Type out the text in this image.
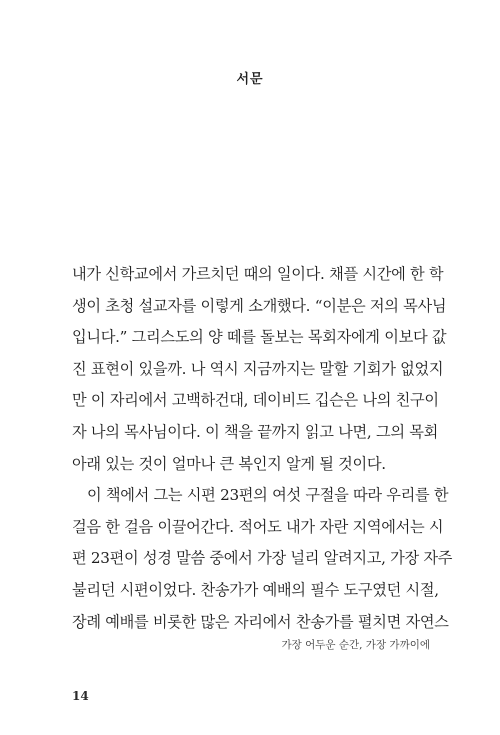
서문
내가 신학교에서 가르치던 때의 일이다. 채플 시간에 한 학
생이 초청 설교자를 이렇게 소개했다. “이분은 저의 목사님
입니다.” 그리스도의 양 떼를 돌보는 목회자에게 이보다 값
진 표현이 있을까. 나 역시 지금까지는 말할 기회가 없었지
만 이 자리에서 고백하건대, 데이비드 깁슨은 나의 친구이
자 나의 목사님이다. 이 책을 끝까지 읽고 나면, 그의 목회
아래 있는 것이 얼마나 큰 복인지 알게 될 것이다.
이 책에서 그는 시편 23편의 여섯 구절을 따라 우리를 한
걸음 한 걸음 이끌어간다. 적어도 내가 자란 지역에서는 시
편 23편이 성경 말씀 중에서 가장 널리 알려지고, 가장 자주
불리던 시편이었다. 찬송가가 예배의 필수 도구였던 시절,
장례 예배를 비롯한 많은 자리에서 찬송가를 펼치면 자연스
가장 어두운 순간, 가장 가까이에
14
